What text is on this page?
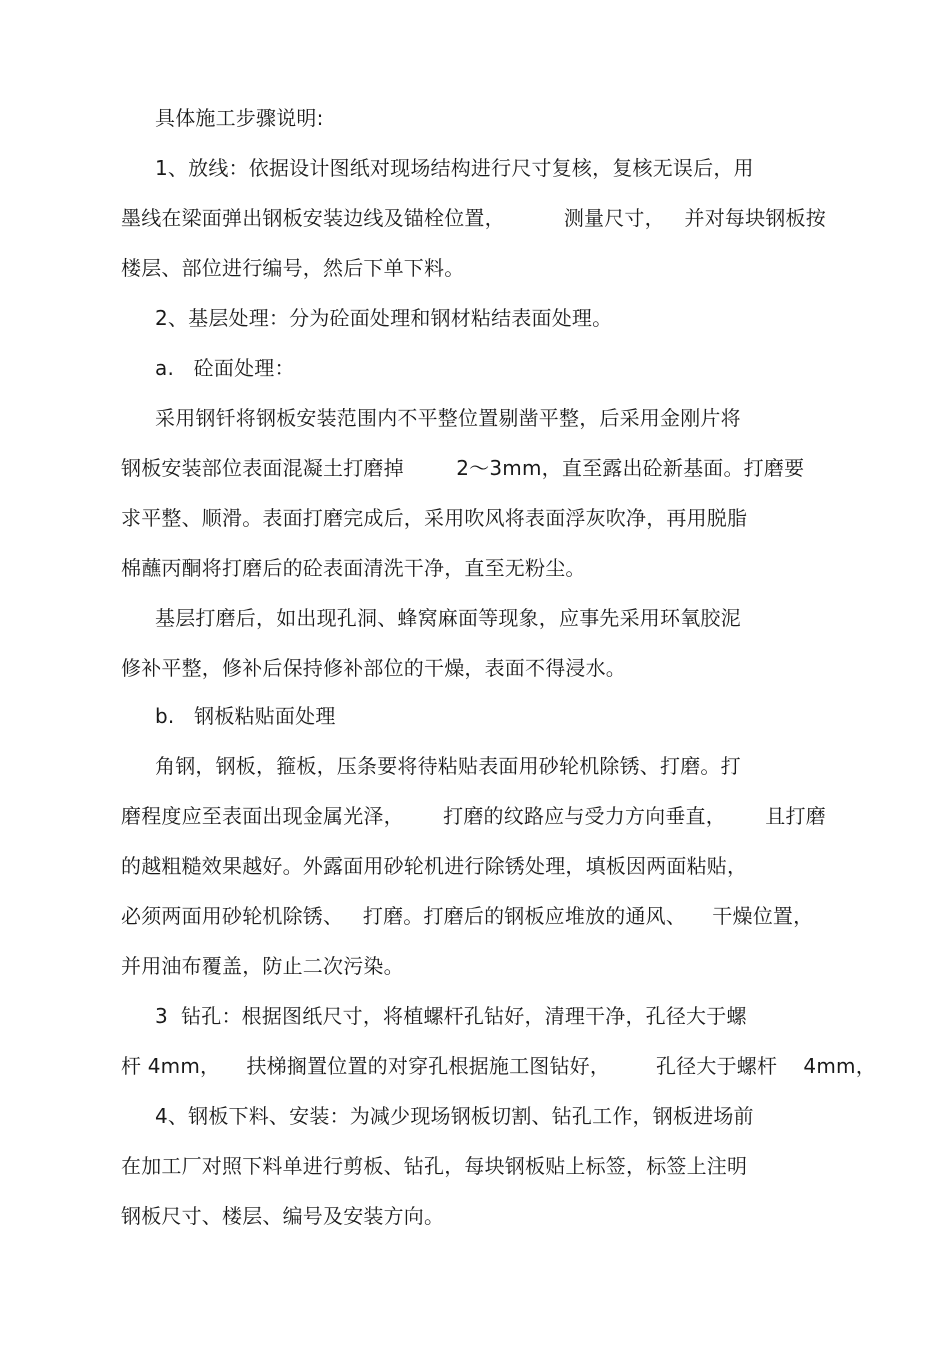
具体施工步骤说明:
1、放线：依据设计图纸对现场结构进行尺寸复核，复核无误后，用
墨线在梁面弹出钢板安装边线及锚栓位置，         测量尺寸，   并对每块钢板按
楼层、部位进行编号，然后下单下料。
2、基层处理：分为砼面处理和钢材粘结表面处理。
a.   砼面处理：
采用钢钎将钢板安装范围内不平整位置剔凿平整，后采用金刚片将
钢板安装部位表面混凝土打磨掉        2～3mm，直至露出砼新基面。打磨要
求平整、顺滑。表面打磨完成后，采用吹风将表面浮灰吹净，再用脱脂
棉蘸丙酮将打磨后的砼表面清洗干净，直至无粉尘。
基层打磨后，如出现孔洞、蜂窝麻面等现象，应事先采用环氧胶泥
修补平整，修补后保持修补部位的干燥，表面不得浸水。
b.   钢板粘贴面处理
角钢，钢板，箍板，压条要将待粘贴表面用砂轮机除锈、打磨。打
磨程度应至表面出现金属光泽，      打磨的纹路应与受力方向垂直，      且打磨
的越粗糙效果越好。外露面用砂轮机进行除锈处理，填板因两面粘贴，
必须两面用砂轮机除锈、   打磨。打磨后的钢板应堆放的通风、    干燥位置，
并用油布覆盖，防止二次污染。
3  钻孔：根据图纸尺寸，将植螺杆孔钻好，清理干净，孔径大于螺
杆 4mm，    扶梯搁置位置的对穿孔根据施工图钻好，       孔径大于螺杆    4mm，
4、钢板下料、安装：为减少现场钢板切割、钻孔工作，钢板进场前
在加工厂对照下料单进行剪板、钻孔，每块钢板贴上标签，标签上注明
钢板尺寸、楼层、编号及安装方向。
